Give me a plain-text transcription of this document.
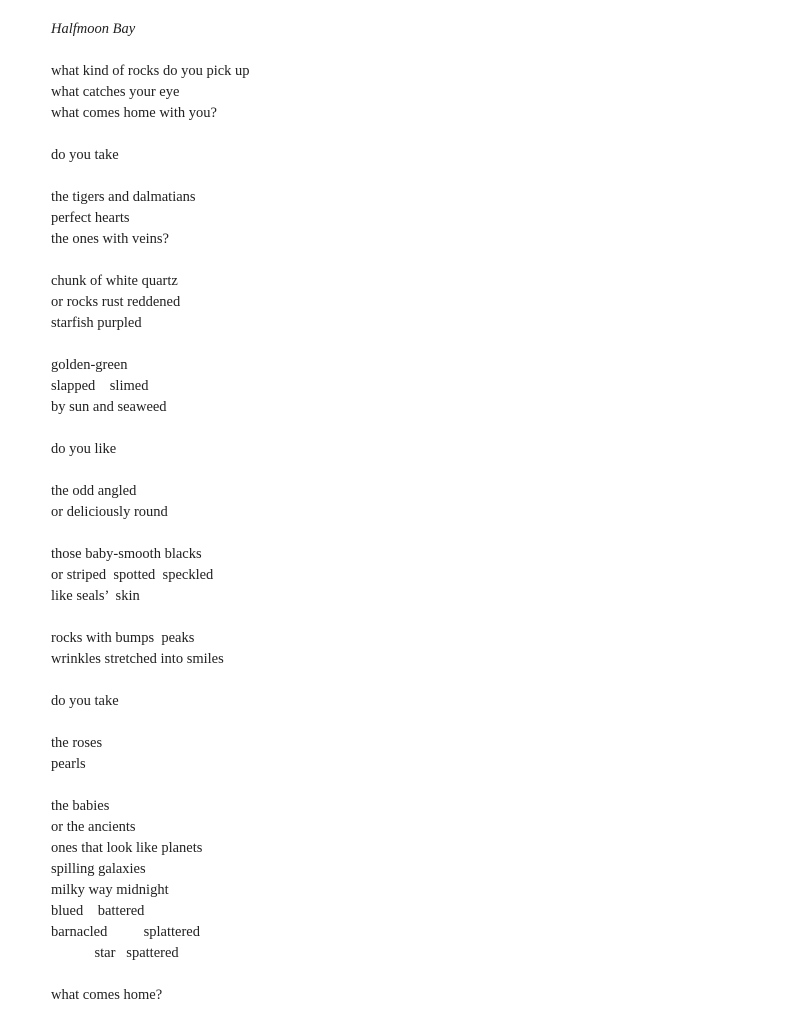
Halfmoon Bay
what kind of rocks do you pick up
what catches your eye
what comes home with you?
do you take
the tigers and dalmatians
perfect hearts
the ones with veins?
chunk of white quartz
or rocks rust reddened
starfish purpled
golden-green
slapped    slimed
by sun and seaweed
do you like
the odd angled
or deliciously round
those baby-smooth blacks
or striped  spotted  speckled
like seals’  skin
rocks with bumps  peaks
wrinkles stretched into smiles
do you take
the roses
pearls
the babies
or the ancients
ones that look like planets
spilling galaxies
milky way midnight
blued    battered
barnacled          splattered
star   spattered
what comes home?
